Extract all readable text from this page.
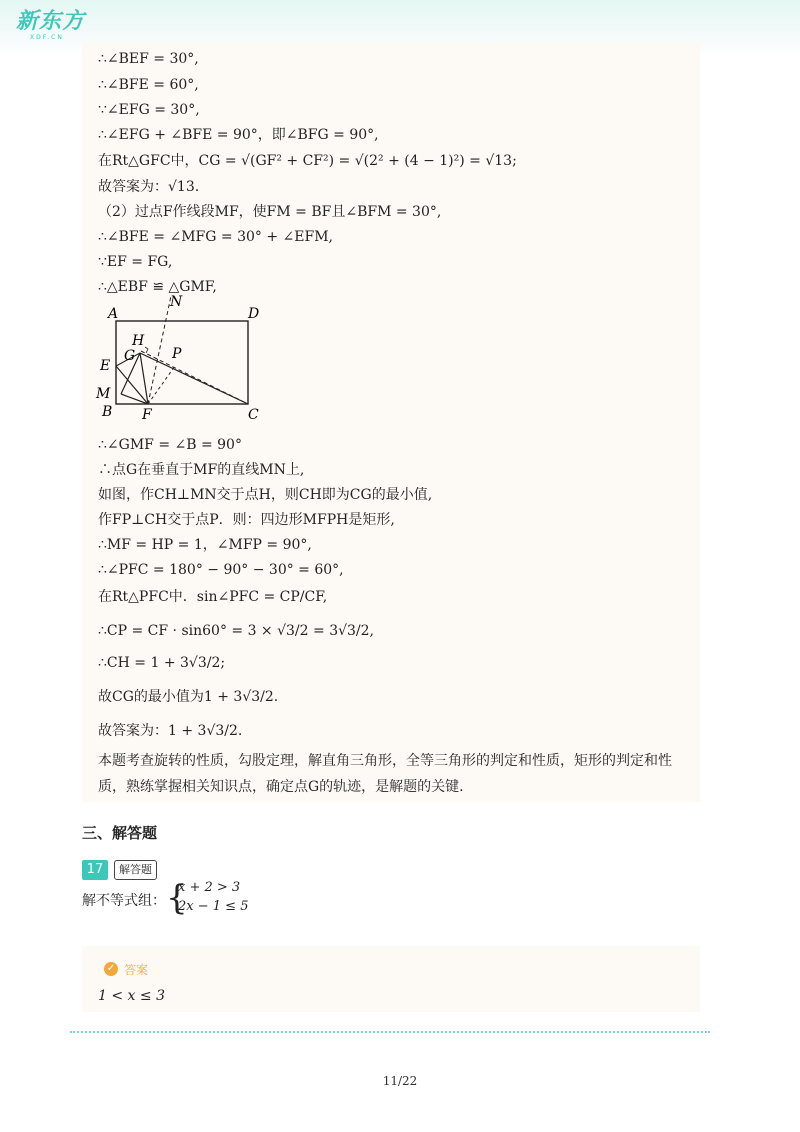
新东方
XDF.CN
∴∠BEF = 30°,
∴∠BFE = 60°,
∵∠EFG = 30°,
∴∠EFG + ∠BFE = 90°，即∠BFG = 90°,
在Rt△GFC中，CG = √(GF² + CF²) = √(2² + (4 − 1)²) = √13;
故答案为：√13.
（2）过点F作线段MF，使FM = BF且∠BFM = 30°,
∴∠BFE = ∠MFG = 30° + ∠EFM,
∵EF = FG,
∴△EBF ≌ △GMF,
A	D
N
H
G	P
E
M
B F	C
∴∠GMF = ∠B = 90°
∴点G在垂直于MF的直线MN上,
如图，作CH⊥MN交于点H，则CH即为CG的最小值,
作FP⊥CH交于点P．则：四边形MFPH是矩形,
∴MF = HP = 1，∠MFP = 90°,
∴∠PFC = 180° − 90° − 30° = 60°,
在Rt△PFC中．sin∠PFC = CP/CF,
∴CP = CF · sin60° = 3 × √3/2 = 3√3/2,
∴CH = 1 + 3√3/2;
故CG的最小值为1 + 3√3/2.
故答案为：1 + 3√3/2.
本题考查旋转的性质，勾股定理，解直角三角形，全等三角形的判定和性质，矩形的判定和性质，熟练掌握相关知识点，确定点G的轨迹，是解题的关键.
三、解答题
17	解答题
解不等式组： {
x + 2 > 3
2x − 1 ≤ 5
✓ 答案
1 < x ≤ 3
11/22
